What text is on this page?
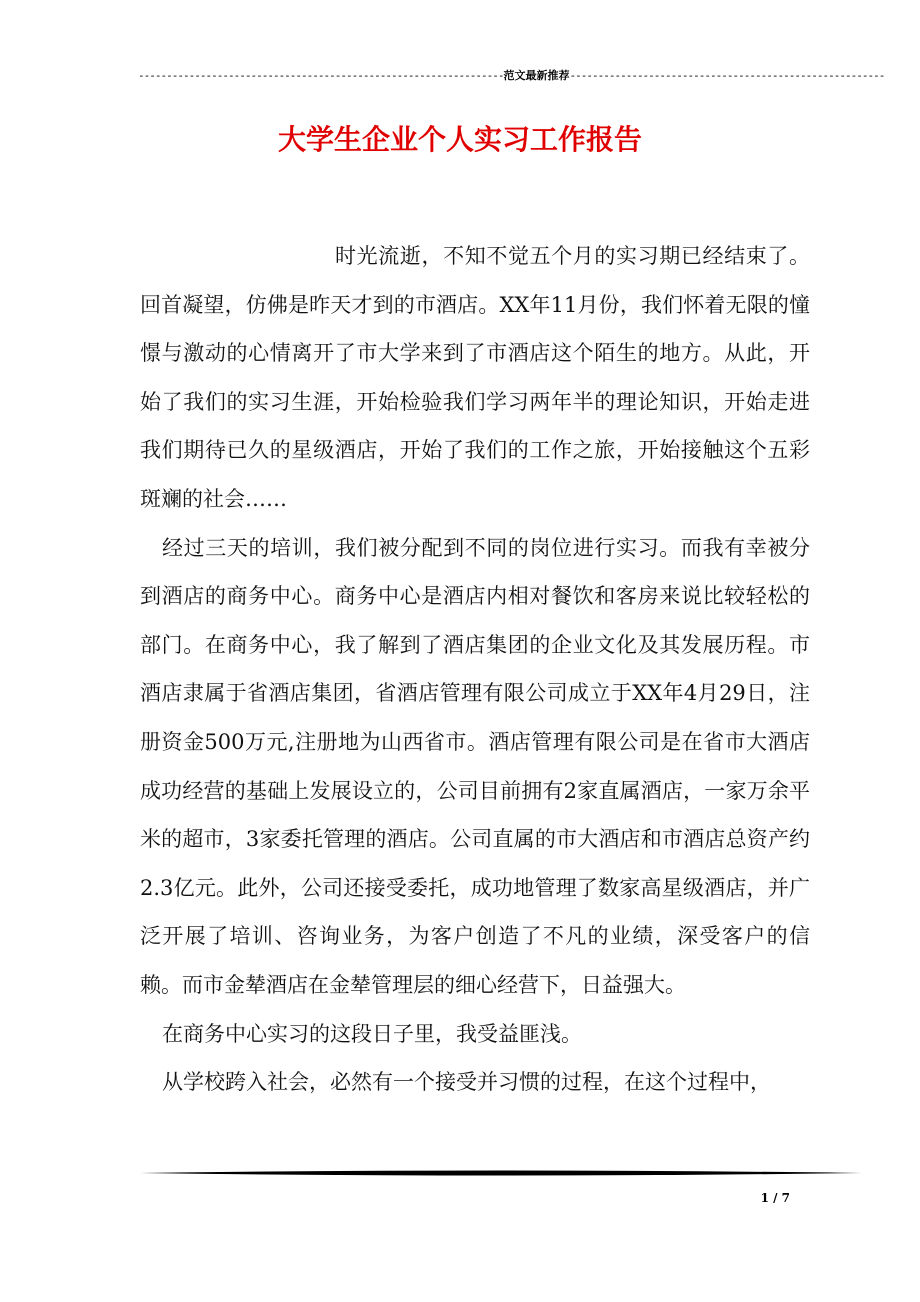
-----------------------------------------------------------------范文最新推荐--------------------------------------------------------
大学生企业个人实习工作报告

时光流逝，不知不觉五个月的实习期已经结束了。回首凝望，仿佛是昨天才到的市酒店。XX年11月份，我们怀着无限的憧憬与激动的心情离开了市大学来到了市酒店这个陌生的地方。从此，开始了我们的实习生涯，开始检验我们学习两年半的理论知识，开始走进我们期待已久的星级酒店，开始了我们的工作之旅，开始接触这个五彩斑斓的社会……

经过三天的培训，我们被分配到不同的岗位进行实习。而我有幸被分到酒店的商务中心。商务中心是酒店内相对餐饮和客房来说比较轻松的部门。在商务中心，我了解到了酒店集团的企业文化及其发展历程。市酒店隶属于省酒店集团，省酒店管理有限公司成立于XX年4月29日，注册资金500万元,注册地为山西省市。酒店管理有限公司是在省市大酒店成功经营的基础上发展设立的，公司目前拥有2家直属酒店，一家万余平米的超市，3家委托管理的酒店。公司直属的市大酒店和市酒店总资产约2.3亿元。此外，公司还接受委托，成功地管理了数家高星级酒店，并广泛开展了培训、咨询业务，为客户创造了不凡的业绩，深受客户的信赖。而市金辇酒店在金辇管理层的细心经营下，日益强大。

在商务中心实习的这段日子里，我受益匪浅。

从学校跨入社会，必然有一个接受并习惯的过程，在这个过程中，

1 / 7
